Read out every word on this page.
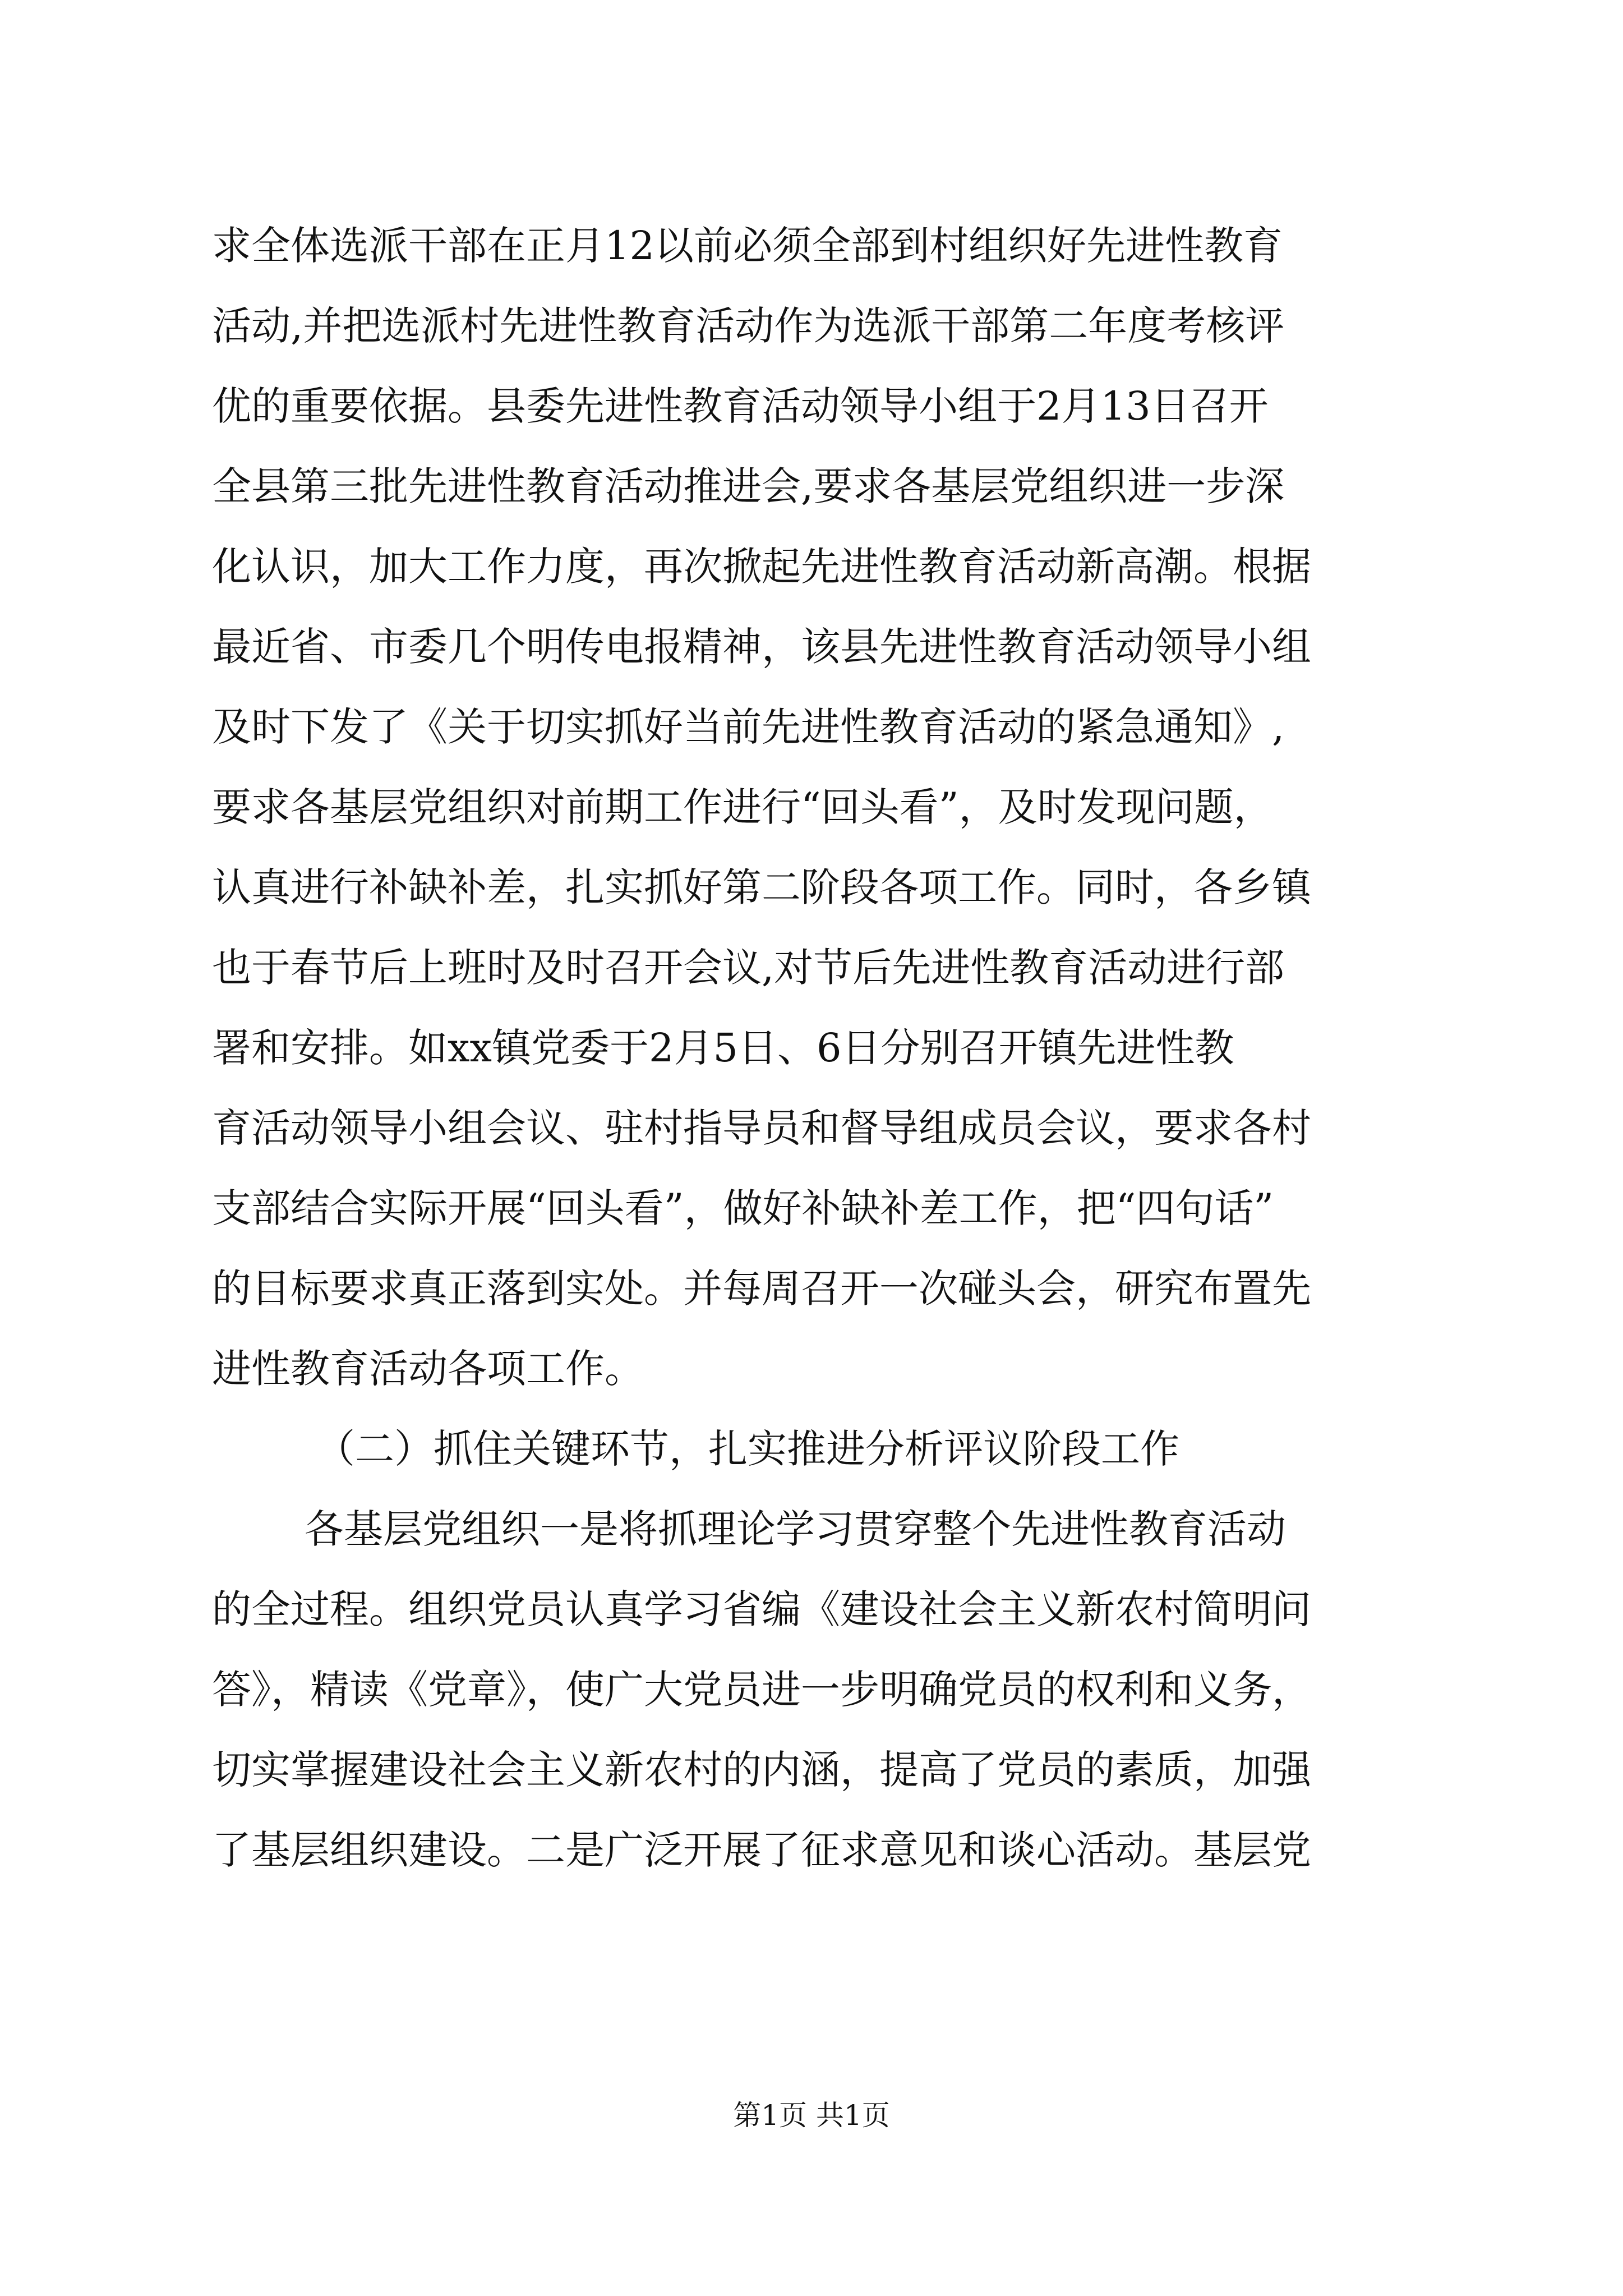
求全体选派干部在正月12以前必须全部到村组织好先进性教育
活动,并把选派村先进性教育活动作为选派干部第二年度考核评
优的重要依据。县委先进性教育活动领导小组于2月13日召开
全县第三批先进性教育活动推进会,要求各基层党组织进一步深
化认识，加大工作力度，再次掀起先进性教育活动新高潮。根据
最近省、市委几个明传电报精神，该县先进性教育活动领导小组
及时下发了《关于切实抓好当前先进性教育活动的紧急通知》,
要求各基层党组织对前期工作进行“回头看”，及时发现问题，
认真进行补缺补差，扎实抓好第二阶段各项工作。同时，各乡镇
也于春节后上班时及时召开会议,对节后先进性教育活动进行部
署和安排。如xx镇党委于2月5日、6日分别召开镇先进性教
育活动领导小组会议、驻村指导员和督导组成员会议，要求各村
支部结合实际开展“回头看”，做好补缺补差工作，把“四句话”
的目标要求真正落到实处。并每周召开一次碰头会，研究布置先
进性教育活动各项工作。
（二）抓住关键环节，扎实推进分析评议阶段工作
各基层党组织一是将抓理论学习贯穿整个先进性教育活动
的全过程。组织党员认真学习省编《建设社会主义新农村简明问
答》，精读《党章》，使广大党员进一步明确党员的权利和义务，
切实掌握建设社会主义新农村的内涵，提高了党员的素质，加强
了基层组织建设。二是广泛开展了征求意见和谈心活动。基层党
第1页 共1页
